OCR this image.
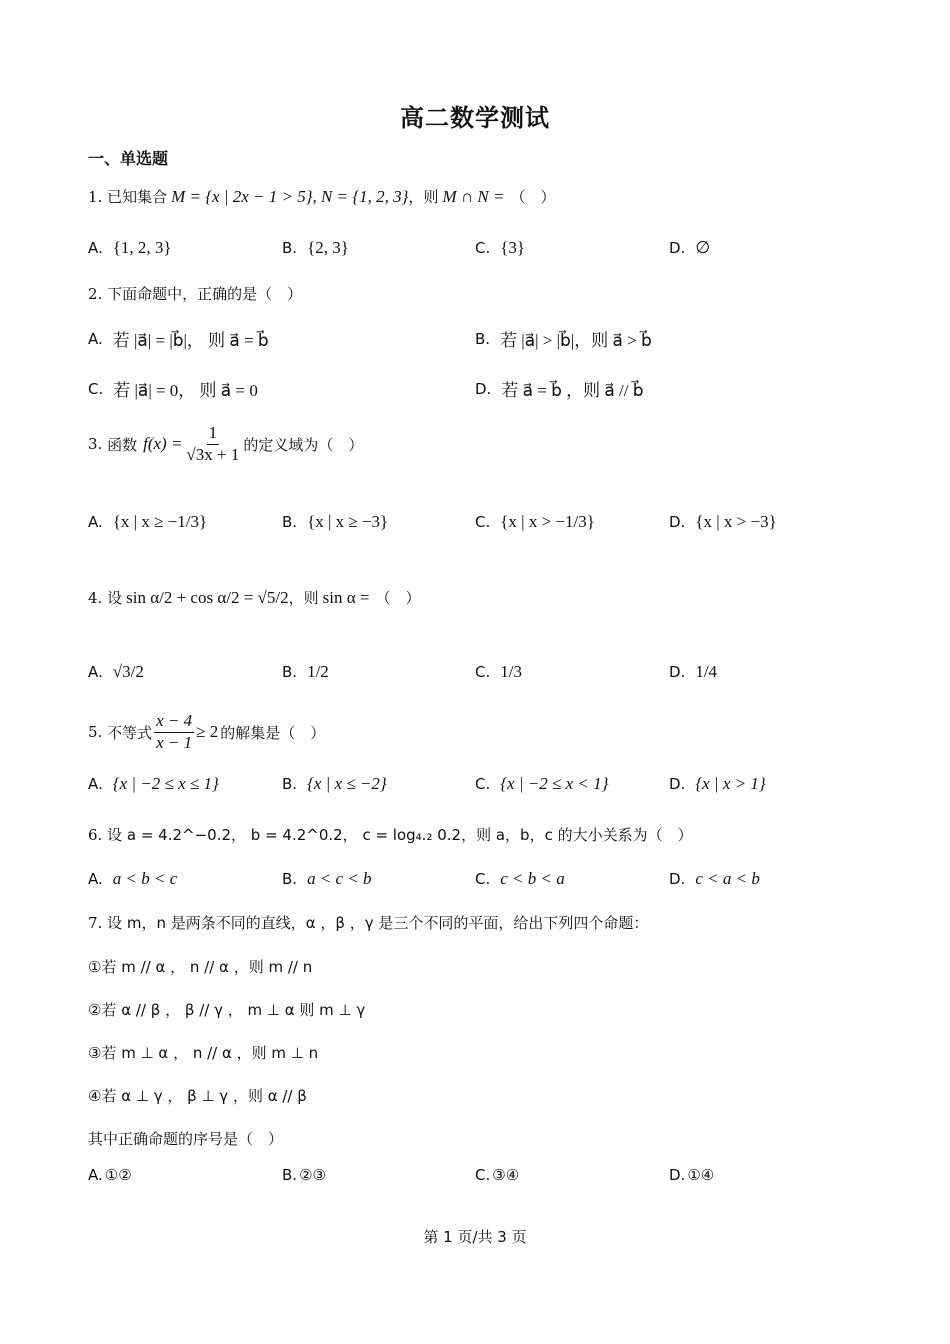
高二数学测试
一、单选题
1.
已知集合 M = {x | 2x − 1 > 5}, N = {1, 2, 3} ，则 M ∩ N = （　）
A. {1, 2, 3}	B. {2, 3}	C. {3}	D. ∅
2.
下面命题中，正确的是（　）
A. 若 |a⃗| = |b⃗|， 则 a⃗ = b⃗	B. 若 |a⃗| > |b⃗|，则 a⃗ > b⃗
C. 若 |a⃗| = 0， 则 a⃗ = 0	D. 若 a⃗ = b⃗ ，则 a⃗ // b⃗
3.
函数 $f(x) = \frac{1}{√3x + 1}$ 的定义域为（　）
A. {x | x ≥ −1/3}	B. {x | x ≥ −3}	C. {x | x > −1/3}	D. {x | x > −3}
4.
设 sin α/2 + cos α/2 = √5/2 ，则 sin α = （　）
A. √3/2	B. 1/2	C. 1/3	D. 1/4
5.
不等式 $\frac{x - 4}{x - 1} \ge 2$ 的解集是（　）
A. {x | −2 ≤ x ≤ 1}	B. {x | x ≤ −2}	C. {x | −2 ≤ x < 1}	D. {x | x > 1}
6.
设 a = 4.2^−0.2， b = 4.2^0.2， c = log₄.₂ 0.2，则 a，b，c 的大小关系为（　）
A. a < b < c	B. a < c < b	C. c < b < a	D. c < a < b
7.
设 m，n 是两条不同的直线，α ，β ，γ 是三个不同的平面，给出下列四个命题：
①若 m // α ， n // α ，则 m // n
②若 α // β ， β // γ ， m ⊥ α 则 m ⊥ γ
③若 m ⊥ α ， n // α ，则 m ⊥ n
④若 α ⊥ γ ， β ⊥ γ ，则 α // β
其中正确命题的序号是（　）
A. ①②	B. ②③	C. ③④	D. ①④
第 1 页/共 3 页
